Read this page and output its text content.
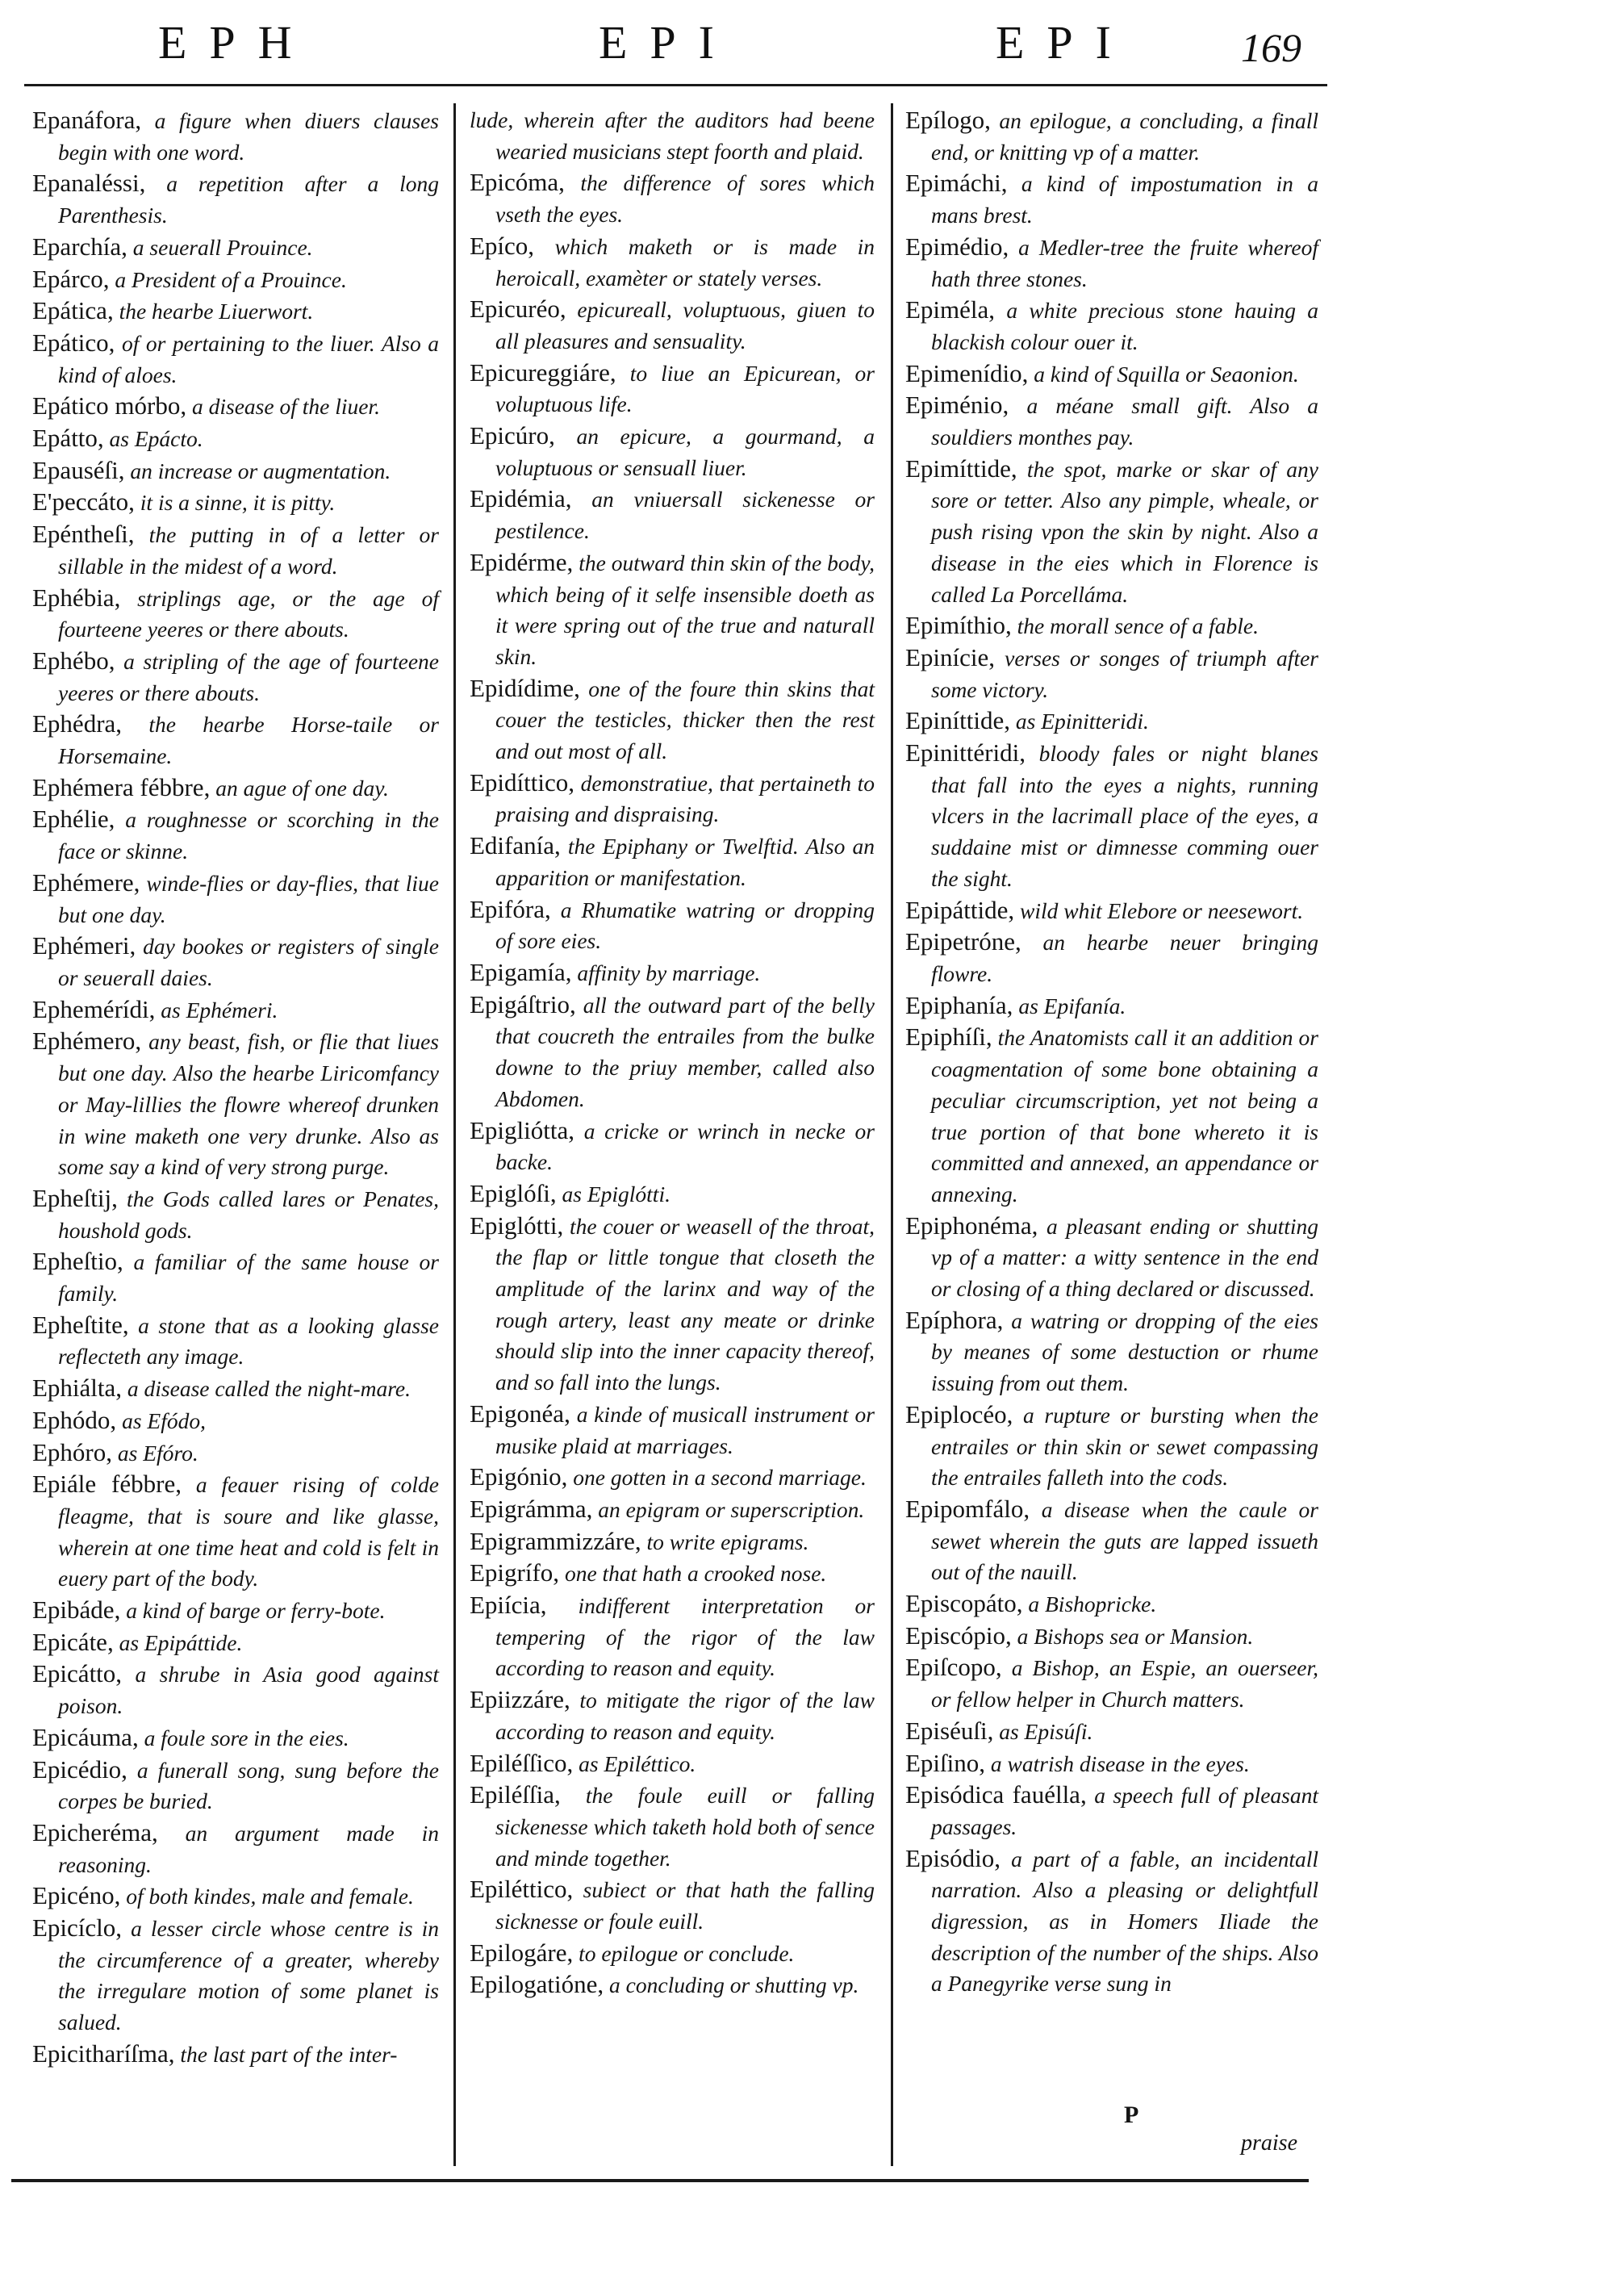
EPH	EPI	EPI	169

Epanáfora, a figure when diuers clauses begin with one word.

Epanaléssi, a repetition after a long Parenthesis.

Eparchía, a seuerall Prouince.

Epárco, a President of a Prouince.

Epática, the hearbe Liuerwort.

Epático, of or pertaining to the liuer. Also a kind of aloes.

Epático mórbo, a disease of the liuer.

Epátto, as Epácto.

Epauséſi, an increase or augmentation.

E'peccáto, it is a sinne, it is pitty.

Epéntheſi, the putting in of a letter or sillable in the midest of a word.

Ephébia, striplings age, or the age of fourteene yeeres or there abouts.

Ephébo, a stripling of the age of fourteene yeeres or there abouts.

Ephédra, the hearbe Horse-taile or Horsemaine.

Ephémera fébbre, an ague of one day.

Ephélie, a roughnesse or scorching in the face or skinne.

Ephémere, winde-flies or day-flies, that liue but one day.

Ephémeri, day bookes or registers of single or seuerall daies.

Ephemérídi, as Ephémeri.

Ephémero, any beast, fish, or flie that liues but one day. Also the hearbe Liricomfancy or May-lillies the flowre whereof drunken in wine maketh one very drunke. Also as some say a kind of very strong purge.

Epheſtij, the Gods called lares or Penates, houshold gods.

Epheſtio, a familiar of the same house or family.

Epheſtite, a stone that as a looking glasse reflecteth any image.

Ephiálta, a disease called the night-mare.

Ephódo, as Efódo,

Ephóro, as Efóro.

Epiále fébbre, a feauer rising of colde fleagme, that is soure and like glasse, wherein at one time heat and cold is felt in euery part of the body.

Epibáde, a kind of barge or ferry-bote.

Epicáte, as Epipáttide.

Epicátto, a shrube in Asia good against poison.

Epicáuma, a foule sore in the eies.

Epicédio, a funerall song, sung before the corpes be buried.

Epicheréma, an argument made in reasoning.

Epicéno, of both kindes, male and female.

Epicíclo, a lesser circle whose centre is in the circumference of a greater, whereby the irregulare motion of some planet is salued.

Epicitharíſma, the last part of the inter-

lude, wherein after the auditors had beene wearied musicians stept foorth and plaid.

Epicóma, the difference of sores which vseth the eyes.

Epíco, which maketh or is made in heroicall, examèter or stately verses.

Epicuréo, epicureall, voluptuous, giuen to all pleasures and sensuality.

Epicureggiáre, to liue an Epicurean, or voluptuous life.

Epicúro, an epicure, a gourmand, a voluptuous or sensuall liuer.

Epidémia, an vniuersall sickenesse or pestilence.

Epidérme, the outward thin skin of the body, which being of it selfe insensible doeth as it were spring out of the true and naturall skin.

Epidídime, one of the foure thin skins that couer the testicles, thicker then the rest and out most of all.

Epidíttico, demonstratiue, that pertaineth to praising and dispraising.

Edifanía, the Epiphany or Twelftid. Also an apparition or manifestation.

Epifóra, a Rhumatike watring or dropping of sore eies.

Epigamía, affinity by marriage.

Epigáſtrio, all the outward part of the belly that coucreth the entrailes from the bulke downe to the priuy member, called also Abdomen.

Epiglióttа, a cricke or wrinch in necke or backe.

Epiglóſi, as Epiglótti.

Epiglótti, the couer or weasell of the throat, the flap or little tongue that closeth the amplitude of the larinx and way of the rough artery, least any meate or drinke should slip into the inner capacity thereof, and so fall into the lungs.

Epigonéa, a kinde of musicall instrument or musike plaid at marriages.

Epigónio, one gotten in a second marriage.

Epigrámma, an epigram or superscription.

Epigrammizzáre, to write epigrams.

Epigrífo, one that hath a crooked nose.

Epiícia, indifferent interpretation or tempering of the rigor of the law according to reason and equity.

Epiizzáre, to mitigate the rigor of the law according to reason and equity.

Epiléſſico, as Epiléttico.

Epiléſſia, the foule euill or falling sickenesse which taketh hold both of sence and minde together.

Epiléttico, subiect or that hath the falling sicknesse or foule euill.

Epilogáre, to epilogue or conclude.

Epilogatióne, a concluding or shutting vp.

Epílogo, an epilogue, a concluding, a finall end, or knitting vp of a matter.

Epimáchi, a kind of impostumation in a mans brest.

Epimédio, a Medler-tree the fruite whereof hath three stones.

Epiméla, a white precious stone hauing a blackish colour ouer it.

Epimenídio, a kind of Squilla or Seaonion.

Epiménio, a méane small gift. Also a souldiers monthes pay.

Epimíttide, the spot, marke or skar of any sore or tetter. Also any pimple, wheale, or push rising vpon the skin by night. Also a disease in the eies which in Florence is called La Porcelláma.

Epimíthio, the morall sence of a fable.

Epinície, verses or songes of triumph after some victory.

Epiníttide, as Epinitteridi.

Epinittéridi, bloody fales or night blanes that fall into the eyes a nights, running vlcers in the lacrimall place of the eyes, a suddaine mist or dimnesse comming ouer the sight.

Epipáttide, wild whit Elebore or neesewort.

Epipetróne, an hearbe neuer bringing flowre.

Epiphanía, as Epifanía.

Epiphíſi, the Anatomists call it an addition or coagmentation of some bone obtaining a peculiar circumscription, yet not being a true portion of that bone whereto it is committed and annexed, an appendance or annexing.

Epiphonéma, a pleasant ending or shutting vp of a matter: a witty sentence in the end or closing of a thing declared or discussed.

Epíphora, a watring or dropping of the eies by meanes of some destuction or rhume issuing from out them.

Epiplocéo, a rupture or bursting when the entrailes or thin skin or sewet compassing the entrailes falleth into the cods.

Epipomfálo, a disease when the caule or sewet wherein the guts are lapped issueth out of the nauill.

Episcopáto, a Bishopricke.

Episcópio, a Bishops sea or Mansion.

Epiſcopo, a Bishop, an Espie, an ouerseer, or fellow helper in Church matters.

Episéuſi, as Episúſi.

Epiſino, a watrish disease in the eyes.

Episódica fauélla, a speech full of pleasant passages.

Episódio, a part of a fable, an incidentall narration. Also a pleasing or delightfull digression, as in Homers Iliade the description of the number of the ships. Also a Panegyrike verse sung in

P
praise
